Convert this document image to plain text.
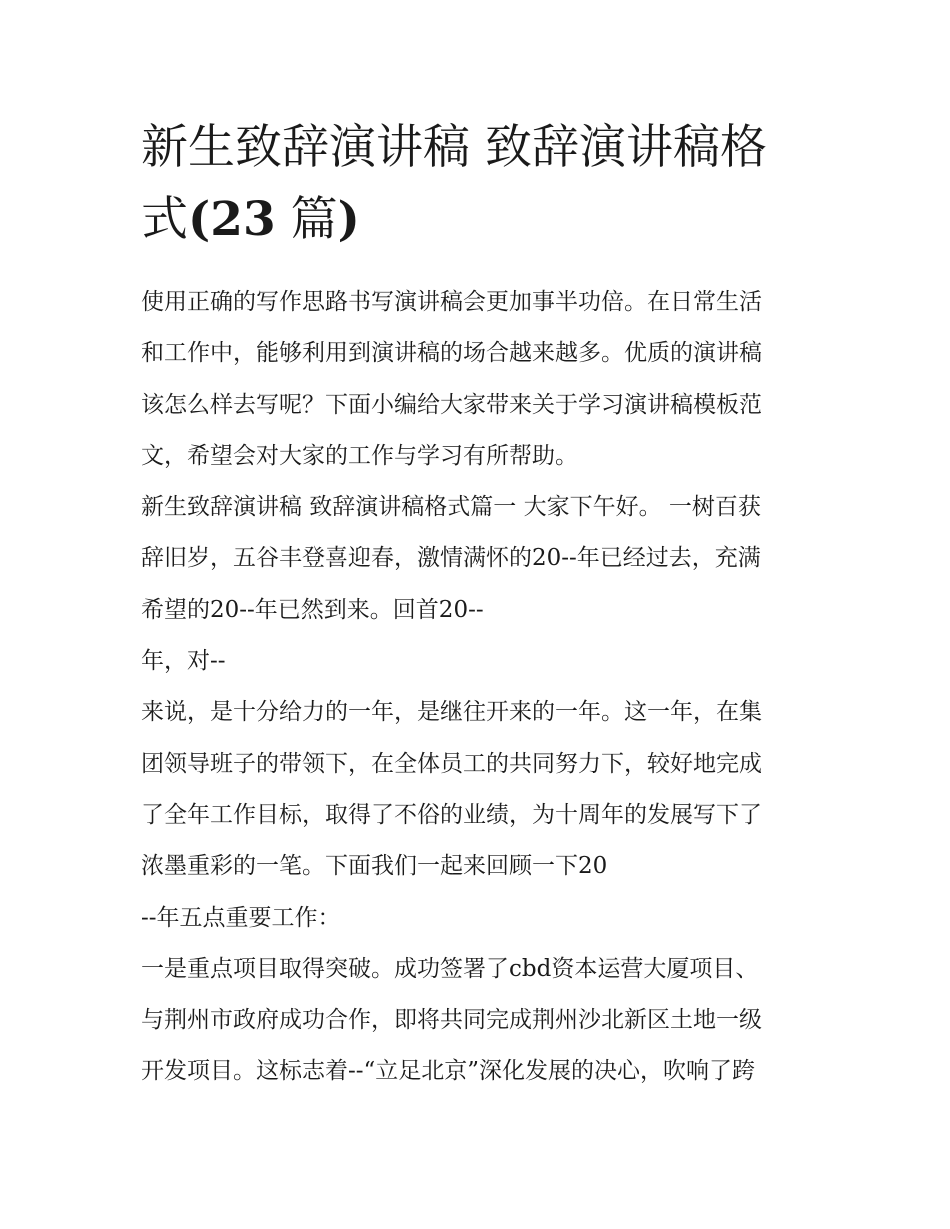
新生致辞演讲稿 致辞演讲稿格
式(23 篇)
使用正确的写作思路书写演讲稿会更加事半功倍。在日常生活
和工作中，能够利用到演讲稿的场合越来越多。优质的演讲稿
该怎么样去写呢？下面小编给大家带来关于学习演讲稿模板范
文，希望会对大家的工作与学习有所帮助。
新生致辞演讲稿 致辞演讲稿格式篇一 大家下午好。 一树百获
辞旧岁，五谷丰登喜迎春，激情满怀的20--年已经过去，充满
希望的20--年已然到来。回首20--
年，对--
来说，是十分给力的一年，是继往开来的一年。这一年，在集
团领导班子的带领下，在全体员工的共同努力下，较好地完成
了全年工作目标，取得了不俗的业绩，为十周年的发展写下了
浓墨重彩的一笔。下面我们一起来回顾一下20
--年五点重要工作：
一是重点项目取得突破。成功签署了cbd资本运营大厦项目、
与荆州市政府成功合作，即将共同完成荆州沙北新区土地一级
开发项目。这标志着--“立足北京”深化发展的决心，吹响了跨
